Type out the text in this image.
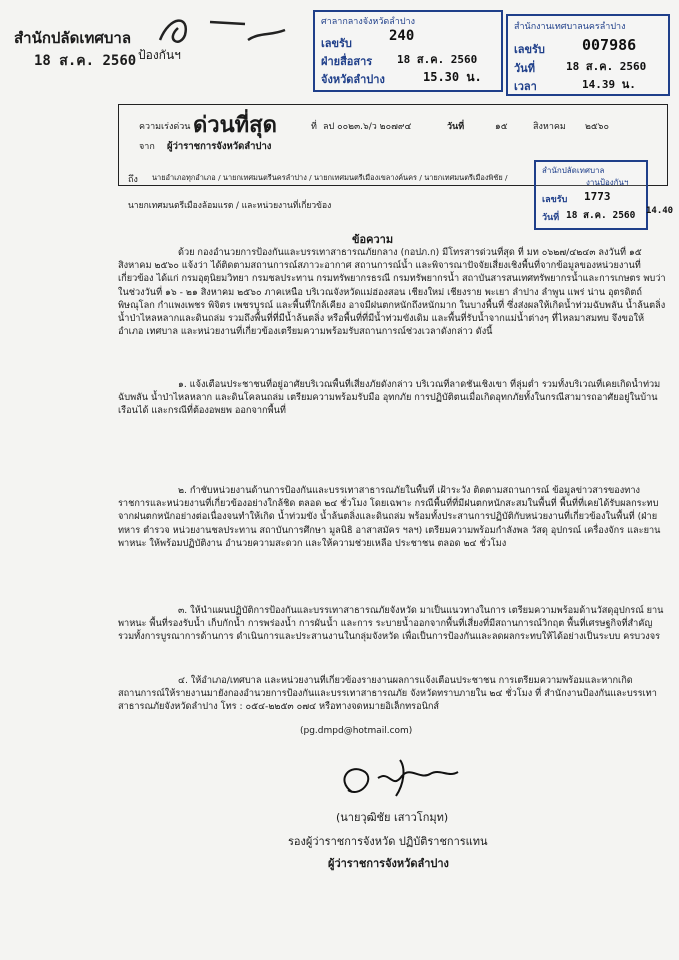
สำนักปลัดเทศบาล
18 ส.ค. 2560 ป้องกันฯ
ศาลากลางจังหวัดลำปาง
เลขรับ	240
ฝ่ายสื่อสาร 18 ส.ค. 2560
จังหวัดลำปาง	15.30 น.
สำนักงานเทศบาลนครลำปาง
เลขรับ 007986
วันที่	18 ส.ค. 2560
เวลา	14.39 น.
ความเร่งด่วน ด่วนที่สุด	ที่ ลป ๐๐๒๓.๖/ว ๒๐๗๙๔	วันที่	๑๕	สิงหาคม ๒๕๖๐
จาก ผู้ว่าราชการจังหวัดลำปาง
ถึง นายอำเภอทุกอำเภอ / นายกเทศมนตรีนครลำปาง / นายกเทศมนตรีเมืองเขลางค์นคร / นายกเทศมนตรีเมืองพิชัย /
นายกเทศมนตรีเมืองล้อมแรด / และหน่วยงานที่เกี่ยวข้อง
สำนักปลัดเทศบาล
งานป้องกันฯ
เลขรับ 1773
วันที่ 18 ส.ค. 2560 14.40
ข้อความ

ด้วย กองอำนวยการป้องกันและบรรเทาสาธารณภัยกลาง (กอปภ.ก) มีโทรสารด่วนที่สุด ที่ มท ๐๖๒๗/๔๒๔๓ ลงวันที่ ๑๕ สิงหาคม ๒๕๖๐ แจ้งว่า ได้ติดตามสถานการณ์สภาวะอากาศ สถานการณ์น้ำ และพิจารณาปัจจัยเสี่ยงเชิงพื้นที่จากข้อมูลของหน่วยงานที่เกี่ยวข้อง ได้แก่ กรมอุตุนิยมวิทยา กรมชลประทาน กรมทรัพยากรธรณี กรมทรัพยากรน้ำ สถาบันสารสนเทศทรัพยากรน้ำและการเกษตร พบว่า ในช่วงวันที่ ๑๖ - ๒๑ สิงหาคม ๒๕๖๐ ภาคเหนือ บริเวณจังหวัดแม่ฮ่องสอน เชียงใหม่ เชียงราย พะเยา ลำปาง ลำพูน แพร่ น่าน อุตรดิตถ์ พิษณุโลก กำแพงเพชร พิจิตร เพชรบูรณ์ และพื้นที่ใกล้เคียง อาจมีฝนตกหนักถึงหนักมาก ในบางพื้นที่ ซึ่งส่งผลให้เกิดน้ำท่วมฉับพลัน น้ำล้นตลิ่ง น้ำป่าไหลหลากและดินถล่ม รวมถึงพื้นที่ที่มีน้ำล้นตลิ่ง หรือพื้นที่ที่มีน้ำท่วมขังเดิม และพื้นที่รับน้ำจากแม่น้ำต่างๆ ที่ไหลมาสมทบ จึงขอให้อำเภอ เทศบาล และหน่วยงานที่เกี่ยวข้องเตรียมความพร้อมรับสถานการณ์ช่วงเวลาดังกล่าว ดังนี้

๑. แจ้งเตือนประชาชนที่อยู่อาศัยบริเวณพื้นที่เสี่ยงภัยดังกล่าว บริเวณที่ลาดชันเชิงเขา ที่ลุ่มต่ำ รวมทั้งบริเวณที่เคยเกิดน้ำท่วมฉับพลัน น้ำป่าไหลหลาก และดินโคลนถล่ม เตรียมความพร้อมรับมือ อุทกภัย การปฏิบัติตนเมื่อเกิดอุทกภัยทั้งในกรณีสามารถอาศัยอยู่ในบ้านเรือนได้ และกรณีที่ต้องอพยพ ออกจากพื้นที่

๒. กำชับหน่วยงานด้านการป้องกันและบรรเทาสาธารณภัยในพื้นที่ เฝ้าระวัง ติดตามสถานการณ์ ข้อมูลข่าวสารของทางราชการและหน่วยงานที่เกี่ยวข้องอย่างใกล้ชิด ตลอด ๒๔ ชั่วโมง โดยเฉพาะ กรณีพื้นที่ที่มีฝนตกหนักสะสมในพื้นที่ พื้นที่ที่เคยได้รับผลกระทบจากฝนตกหนักอย่างต่อเนื่องจนทำให้เกิด น้ำท่วมขัง น้ำล้นตลิ่งและดินถล่ม พร้อมทั้งประสานการปฏิบัติกับหน่วยงานที่เกี่ยวข้องในพื้นที่ (ฝ่ายทหาร ตำรวจ หน่วยงานชลประทาน สถาบันการศึกษา มูลนิธิ อาสาสมัคร ฯลฯ) เตรียมความพร้อมกำลังพล วัสดุ อุปกรณ์ เครื่องจักร และยานพาหนะ ให้พร้อมปฏิบัติงาน อำนวยความสะดวก และให้ความช่วยเหลือ ประชาชน ตลอด ๒๔ ชั่วโมง

๓. ให้นำแผนปฏิบัติการป้องกันและบรรเทาสาธารณภัยจังหวัด มาเป็นแนวทางในการ เตรียมความพร้อมด้านวัสดุอุปกรณ์ ยานพาหนะ พื้นที่รองรับน้ำ เก็บกักน้ำ การพร่องน้ำ การผันน้ำ และการ ระบายน้ำออกจากพื้นที่เสี่ยงที่มีสถานการณ์วิกฤต พื้นที่เศรษฐกิจที่สำคัญ รวมทั้งการบูรณาการด้านการ ดำเนินการและประสานงานในกลุ่มจังหวัด เพื่อเป็นการป้องกันและลดผลกระทบให้ได้อย่างเป็นระบบ ครบวงจร

๔. ให้อำเภอ/เทศบาล และหน่วยงานที่เกี่ยวข้องรายงานผลการแจ้งเตือนประชาชน การเตรียมความพร้อมและหากเกิดสถานการณ์ให้รายงานมายังกองอำนวยการป้องกันและบรรเทาสาธารณภัย จังหวัดทราบภายใน ๒๔ ชั่วโมง ที่ สำนักงานป้องกันและบรรเทาสาธารณภัยจังหวัดลำปาง โทร : ๐๕๔-๒๒๕๓ ๐๗๔ หรือทางจดหมายอิเล็กทรอนิกส์

(pg.dmpd@hotmail.com)
(นายวุฒิชัย เสาวโกมุท)
รองผู้ว่าราชการจังหวัด ปฏิบัติราชการแทน
ผู้ว่าราชการจังหวัดลำปาง
